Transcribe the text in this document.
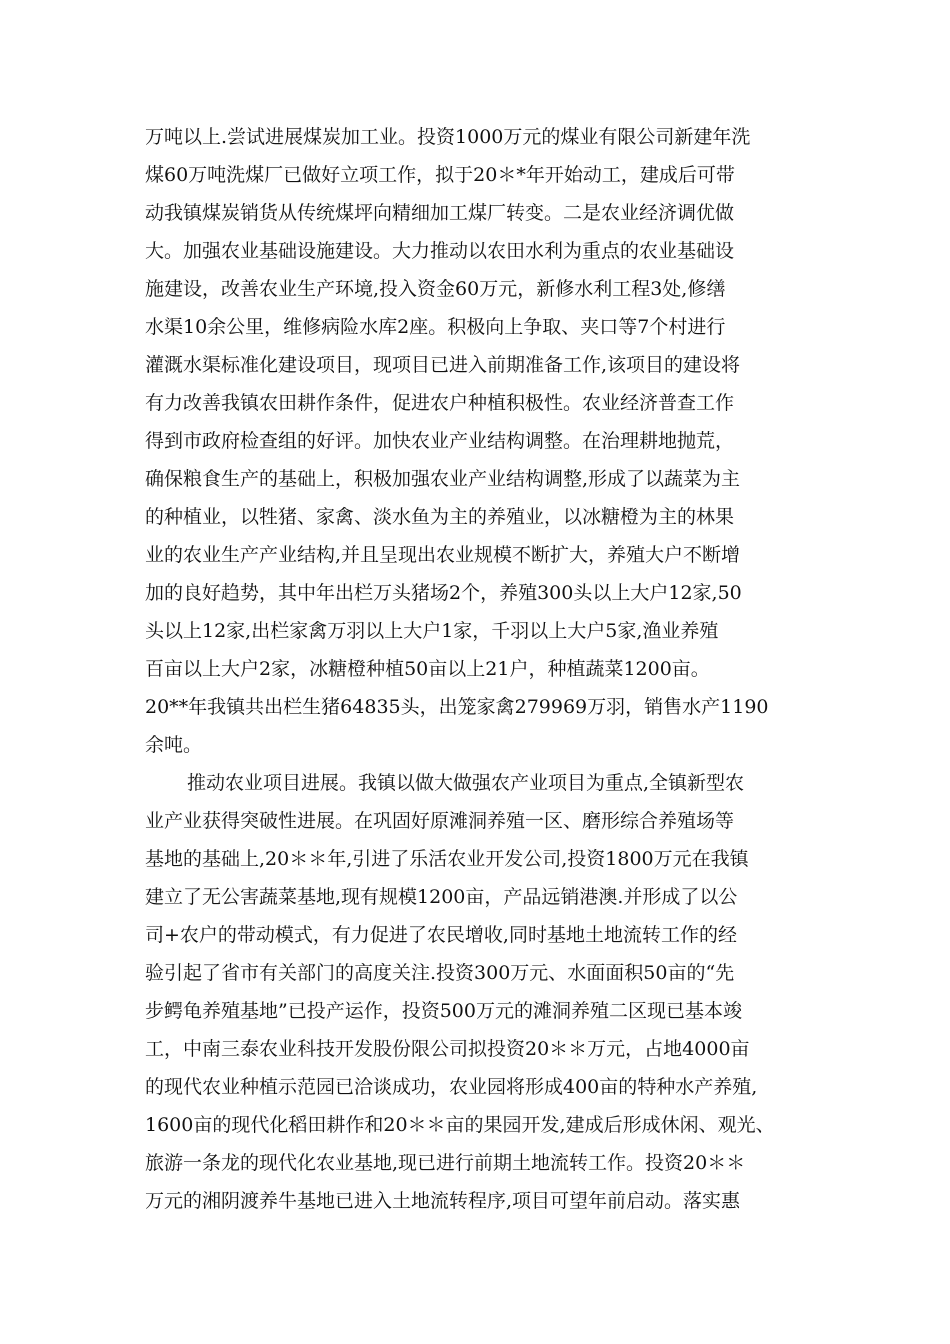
万吨以上.尝试进展煤炭加工业。投资1000万元的煤业有限公司新建年洗
煤60万吨洗煤厂已做好立项工作，拟于20＊*年开始动工，建成后可带
动我镇煤炭销货从传统煤坪向精细加工煤厂转变。二是农业经济调优做
大。加强农业基础设施建设。大力推动以农田水利为重点的农业基础设
施建设，改善农业生产环境,投入资金60万元，新修水利工程3处,修缮
水渠10余公里，维修病险水库2座。积极向上争取、夹口等7个村进行
灌溉水渠标准化建设项目，现项目已进入前期准备工作,该项目的建设将
有力改善我镇农田耕作条件，促进农户种植积极性。农业经济普查工作
得到市政府检查组的好评。加快农业产业结构调整。在治理耕地抛荒，
确保粮食生产的基础上，积极加强农业产业结构调整,形成了以蔬菜为主
的种植业，以牲猪、家禽、淡水鱼为主的养殖业，以冰糖橙为主的林果
业的农业生产产业结构,并且呈现出农业规模不断扩大，养殖大户不断增
加的良好趋势，其中年出栏万头猪场2个，养殖300头以上大户12家,50
头以上12家,出栏家禽万羽以上大户1家，千羽以上大户5家,渔业养殖
百亩以上大户2家，冰糖橙种植50亩以上21户，种植蔬菜1200亩。
20**年我镇共出栏生猪64835头，出笼家禽279969万羽，销售水产1190
余吨。
推动农业项目进展。我镇以做大做强农产业项目为重点,全镇新型农
业产业获得突破性进展。在巩固好原滩洞养殖一区、磨形综合养殖场等
基地的基础上,20＊＊年,引进了乐活农业开发公司,投资1800万元在我镇
建立了无公害蔬菜基地,现有规模1200亩，产品远销港澳.并形成了以公
司+农户的带动模式，有力促进了农民增收,同时基地土地流转工作的经
验引起了省市有关部门的高度关注.投资300万元、水面面积50亩的“先
步鳄龟养殖基地”已投产运作，投资500万元的滩洞养殖二区现已基本竣
工，中南三泰农业科技开发股份限公司拟投资20＊＊万元，占地4000亩
的现代农业种植示范园已洽谈成功，农业园将形成400亩的特种水产养殖,
1600亩的现代化稻田耕作和20＊＊亩的果园开发,建成后形成休闲、观光、
旅游一条龙的现代化农业基地,现已进行前期土地流转工作。投资20＊＊
万元的湘阴渡养牛基地已进入土地流转程序,项目可望年前启动。落实惠
